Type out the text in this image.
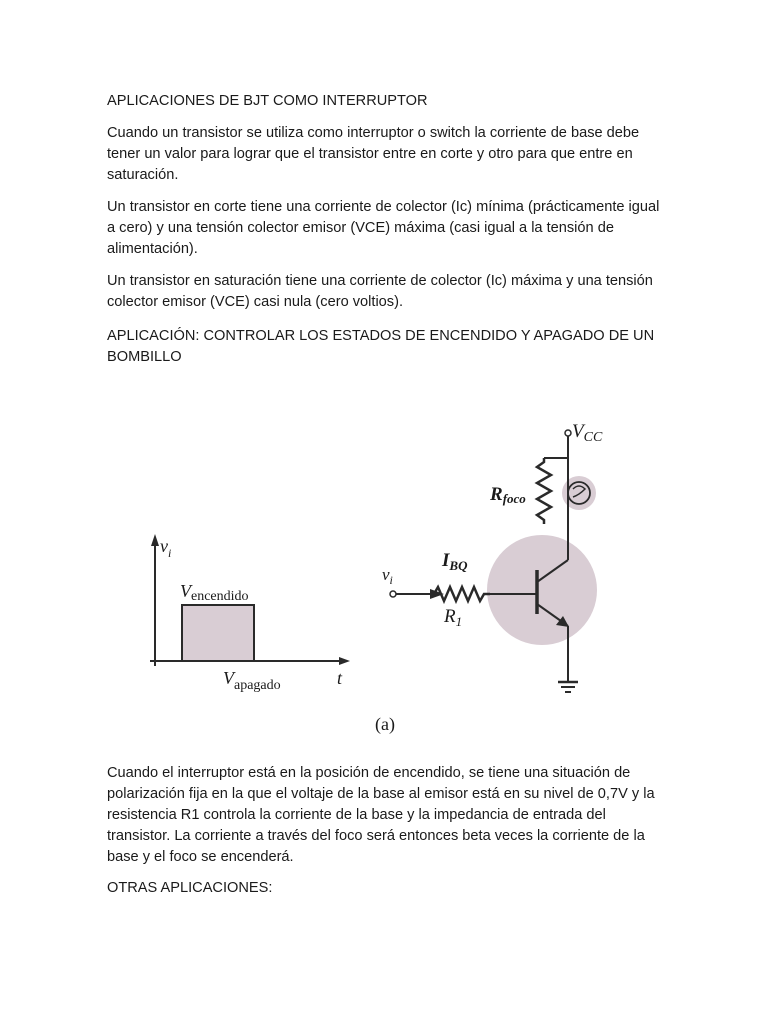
APLICACIONES DE BJT COMO INTERRUPTOR

Cuando un transistor se utiliza como interruptor o switch la corriente de base debe tener un valor para lograr que el transistor entre en corte y otro para que entre en saturación.

Un transistor en corte tiene una corriente de colector (Ic) mínima (prácticamente igual a cero) y una tensión colector emisor (VCE) máxima (casi igual a la tensión de alimentación).

Un transistor en saturación tiene una corriente de colector (Ic) máxima y una tensión colector emisor (VCE) casi nula (cero voltios).

APLICACIÓN: CONTROLAR LOS ESTADOS DE ENCENDIDO Y APAGADO DE UN BOMBILLO

$v_i$
Vencendido
$V_{apagado}$	t
$V_{CC}$
Rfoco
$v_i$
$I_{BQ}$
$R_1$
(a)

Cuando el interruptor está en la posición de encendido, se tiene una situación de polarización fija en la que el voltaje de la base al emisor está en su nivel de 0,7V y la resistencia R1 controla la corriente de la base y la impedancia de entrada del transistor. La corriente a través del foco será entonces beta veces la corriente de la base y el foco se encenderá.

OTRAS APLICACIONES:
